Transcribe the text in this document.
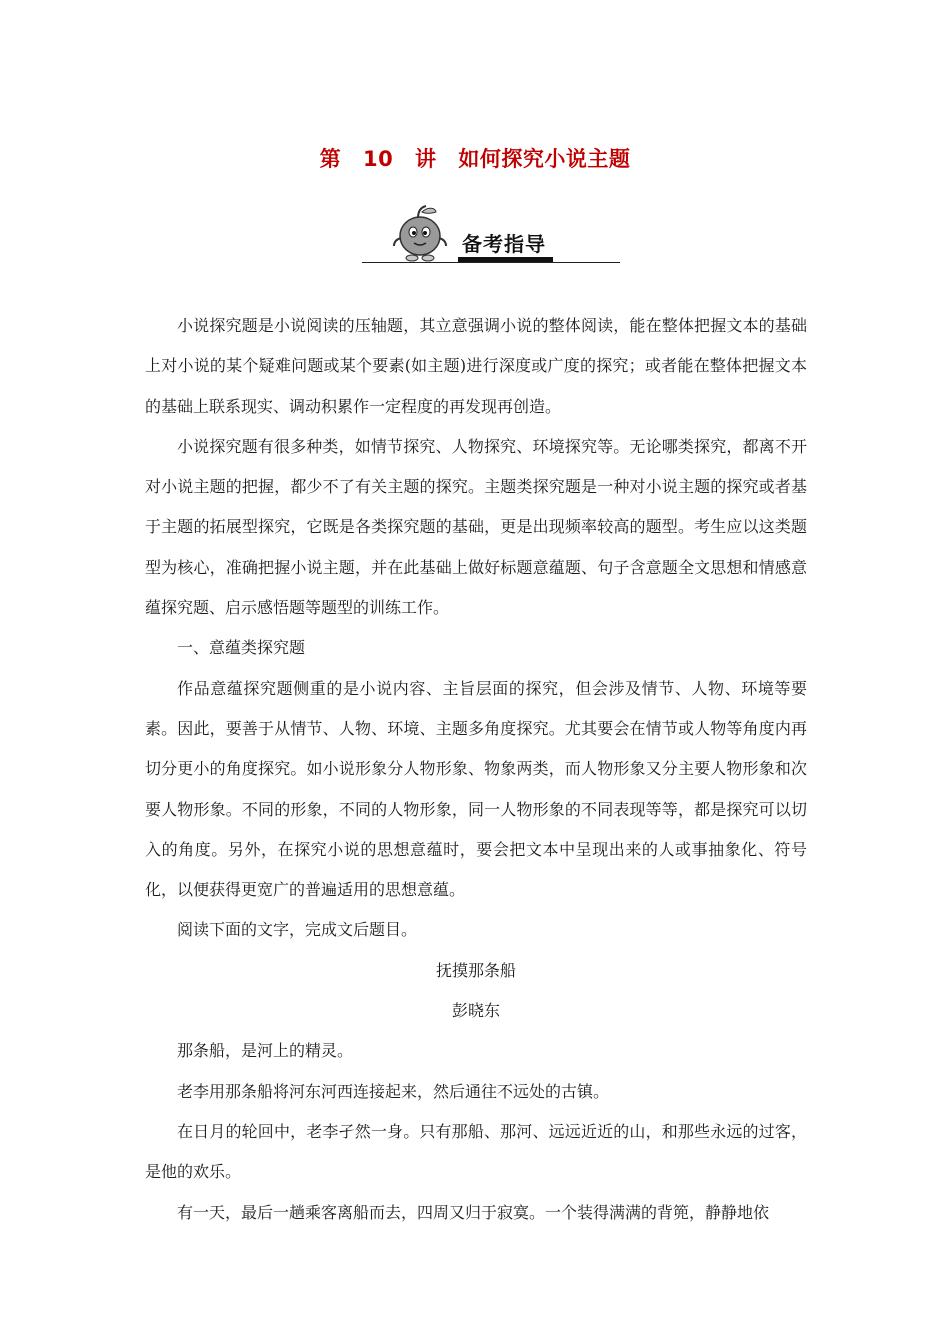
第 10 讲 如何探究小说主题
备考指导

小说探究题是小说阅读的压轴题，其立意强调小说的整体阅读，能在整体把握文本的基础上对小说的某个疑难问题或某个要素(如主题)进行深度或广度的探究；或者能在整体把握文本的基础上联系现实、调动积累作一定程度的再发现再创造。

小说探究题有很多种类，如情节探究、人物探究、环境探究等。无论哪类探究，都离不开对小说主题的把握，都少不了有关主题的探究。主题类探究题是一种对小说主题的探究或者基于主题的拓展型探究，它既是各类探究题的基础，更是出现频率较高的题型。考生应以这类题型为核心，准确把握小说主题，并在此基础上做好标题意蕴题、句子含意题全文思想和情感意蕴探究题、启示感悟题等题型的训练工作。

一、意蕴类探究题

作品意蕴探究题侧重的是小说内容、主旨层面的探究，但会涉及情节、人物、环境等要素。因此，要善于从情节、人物、环境、主题多角度探究。尤其要会在情节或人物等角度内再切分更小的角度探究。如小说形象分人物形象、物象两类，而人物形象又分主要人物形象和次要人物形象。不同的形象，不同的人物形象，同一人物形象的不同表现等等，都是探究可以切入的角度。另外，在探究小说的思想意蕴时，要会把文本中呈现出来的人或事抽象化、符号化，以便获得更宽广的普遍适用的思想意蕴。

阅读下面的文字，完成文后题目。

抚摸那条船

彭晓东

那条船，是河上的精灵。

老李用那条船将河东河西连接起来，然后通往不远处的古镇。

在日月的轮回中，老李孑然一身。只有那船、那河、远远近近的山，和那些永远的过客，是他的欢乐。

有一天，最后一趟乘客离船而去，四周又归于寂寞。一个装得满满的背篼，静静地依
